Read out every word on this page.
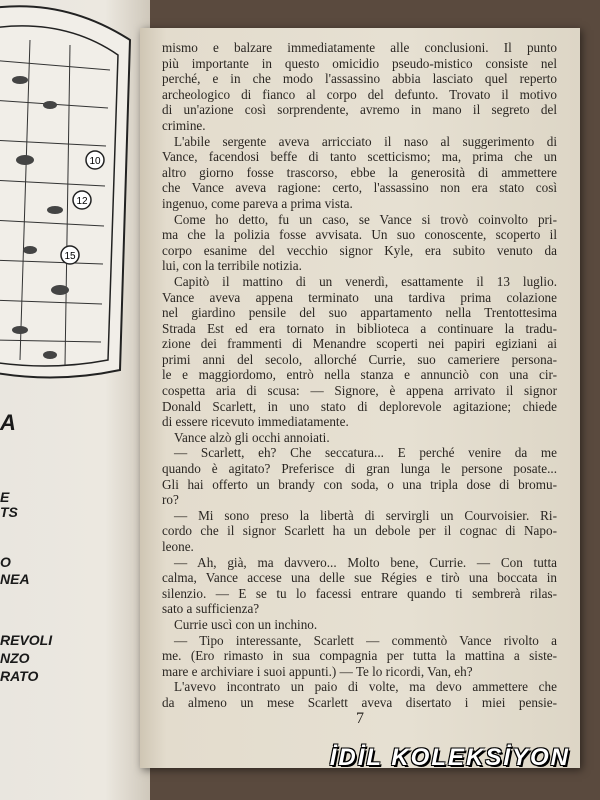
10
12
15
A
E
TS
O
NEA
REVOLI
NZO
RATO
mismo e balzare immediatamente alle conclusioni. Il punto
più importante in questo omicidio pseudo-mistico consiste nel
perché, e in che modo l'assassino abbia lasciato quel reperto
archeologico di fianco al corpo del defunto. Trovato il motivo
di un'azione così sorprendente, avremo in mano il segreto del
crimine.
L'abile sergente aveva arricciato il naso al suggerimento di
Vance, facendosi beffe di tanto scetticismo; ma, prima che un
altro giorno fosse trascorso, ebbe la generosità di ammettere
che Vance aveva ragione: certo, l'assassino non era stato così
ingenuo, come pareva a prima vista.
Come ho detto, fu un caso, se Vance si trovò coinvolto pri-
ma che la polizia fosse avvisata. Un suo conoscente, scoperto il
corpo esanime del vecchio signor Kyle, era subito venuto da
lui, con la terribile notizia.
Capitò il mattino di un venerdì, esattamente il 13 luglio.
Vance aveva appena terminato una tardiva prima colazione
nel giardino pensile del suo appartamento nella Trentottesima
Strada Est ed era tornato in biblioteca a continuare la tradu-
zione dei frammenti di Menandre scoperti nei papiri egiziani ai
primi anni del secolo, allorché Currie, suo cameriere persona-
le e maggiordomo, entrò nella stanza e annunciò con una cir-
cospetta aria di scusa: — Signore, è appena arrivato il signor
Donald Scarlett, in uno stato di deplorevole agitazione; chiede
di essere ricevuto immediatamente.
Vance alzò gli occhi annoiati.
— Scarlett, eh? Che seccatura... E perché venire da me
quando è agitato? Preferisce di gran lunga le persone posate...
Gli hai offerto un brandy con soda, o una tripla dose di bromu-
ro?
— Mi sono preso la libertà di servirgli un Courvoisier. Ri-
cordo che il signor Scarlett ha un debole per il cognac di Napo-
leone.
— Ah, già, ma davvero... Molto bene, Currie. — Con tutta
calma, Vance accese una delle sue Régies e tirò una boccata in
silenzio. — E se tu lo facessi entrare quando ti sembrerà rilas-
sato a sufficienza?
Currie uscì con un inchino.
— Tipo interessante, Scarlett — commentò Vance rivolto a
me. (Ero rimasto in sua compagnia per tutta la mattina a siste-
mare e archiviare i suoi appunti.) — Te lo ricordi, Van, eh?
L'avevo incontrato un paio di volte, ma devo ammettere che
da almeno un mese Scarlett aveva disertato i miei pensie-
7
İDİL KOLEKSİYON
